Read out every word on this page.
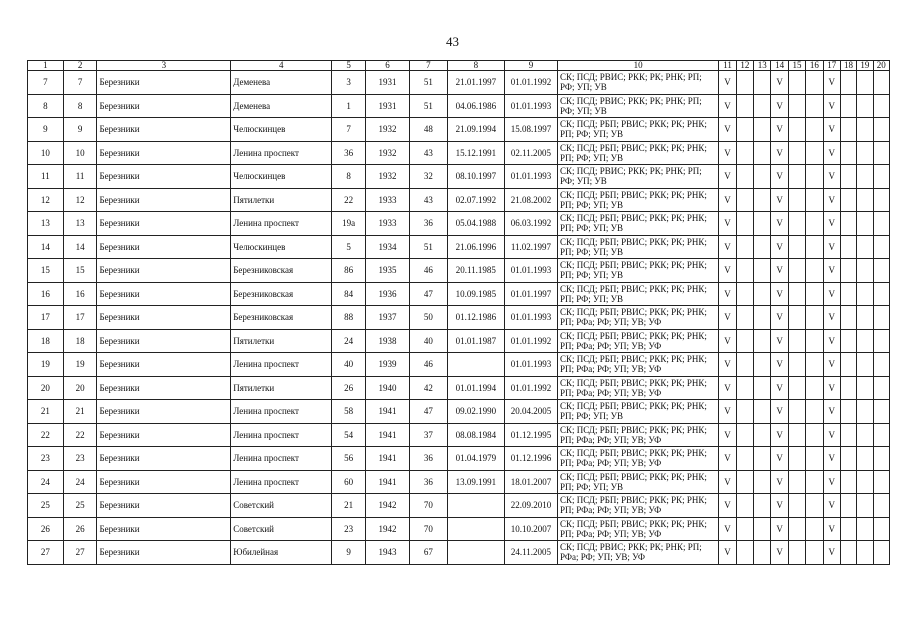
43
1	2	3	4	5	6	7	8	9	10	11	12	13	14	15	16	17	18	19	20
7	7	Березники	Деменева	3	1931	51	21.01.1997	01.01.1992	СК; ПСД; РВИС; РКК; РК; РНК; РП; РФ; УП; УВ	V			V			V			
8	8	Березники	Деменева	1	1931	51	04.06.1986	01.01.1993	СК; ПСД; РВИС; РКК; РК; РНК; РП; РФ; УП; УВ	V			V			V			
9	9	Березники	Челюскинцев	7	1932	48	21.09.1994	15.08.1997	СК; ПСД; РБП; РВИС; РКК; РК; РНК; РП; РФ; УП; УВ	V			V			V			
10	10	Березники	Ленина проспект	36	1932	43	15.12.1991	02.11.2005	СК; ПСД; РБП; РВИС; РКК; РК; РНК; РП; РФ; УП; УВ	V			V			V			
11	11	Березники	Челюскинцев	8	1932	32	08.10.1997	01.01.1993	СК; ПСД; РВИС; РКК; РК; РНК; РП; РФ; УП; УВ	V			V			V			
12	12	Березники	Пятилетки	22	1933	43	02.07.1992	21.08.2002	СК; ПСД; РБП; РВИС; РКК; РК; РНК; РП; РФ; УП; УВ	V			V			V			
13	13	Березники	Ленина проспект	19а	1933	36	05.04.1988	06.03.1992	СК; ПСД; РБП; РВИС; РКК; РК; РНК; РП; РФ; УП; УВ	V			V			V			
14	14	Березники	Челюскинцев	5	1934	51	21.06.1996	11.02.1997	СК; ПСД; РБП; РВИС; РКК; РК; РНК; РП; РФ; УП; УВ	V			V			V			
15	15	Березники	Березниковская	86	1935	46	20.11.1985	01.01.1993	СК; ПСД; РБП; РВИС; РКК; РК; РНК; РП; РФ; УП; УВ	V			V			V			
16	16	Березники	Березниковская	84	1936	47	10.09.1985	01.01.1997	СК; ПСД; РБП; РВИС; РКК; РК; РНК; РП; РФ; УП; УВ	V			V			V			
17	17	Березники	Березниковская	88	1937	50	01.12.1986	01.01.1993	СК; ПСД; РБП; РВИС; РКК; РК; РНК; РП; РФа; РФ; УП; УВ; УФ	V			V			V			
18	18	Березники	Пятилетки	24	1938	40	01.01.1987	01.01.1992	СК; ПСД; РБП; РВИС; РКК; РК; РНК; РП; РФа; РФ; УП; УВ; УФ	V			V			V			
19	19	Березники	Ленина проспект	40	1939	46		01.01.1993	СК; ПСД; РБП; РВИС; РКК; РК; РНК; РП; РФа; РФ; УП; УВ; УФ	V			V			V			
20	20	Березники	Пятилетки	26	1940	42	01.01.1994	01.01.1992	СК; ПСД; РБП; РВИС; РКК; РК; РНК; РП; РФа; РФ; УП; УВ; УФ	V			V			V			
21	21	Березники	Ленина проспект	58	1941	47	09.02.1990	20.04.2005	СК; ПСД; РБП; РВИС; РКК; РК; РНК; РП; РФ; УП; УВ	V			V			V			
22	22	Березники	Ленина проспект	54	1941	37	08.08.1984	01.12.1995	СК; ПСД; РБП; РВИС; РКК; РК; РНК; РП; РФа; РФ; УП; УВ; УФ	V			V			V			
23	23	Березники	Ленина проспект	56	1941	36	01.04.1979	01.12.1996	СК; ПСД; РБП; РВИС; РКК; РК; РНК; РП; РФа; РФ; УП; УВ; УФ	V			V			V			
24	24	Березники	Ленина проспект	60	1941	36	13.09.1991	18.01.2007	СК; ПСД; РБП; РВИС; РКК; РК; РНК; РП; РФ; УП; УВ	V			V			V			
25	25	Березники	Советский	21	1942	70		22.09.2010	СК; ПСД; РБП; РВИС; РКК; РК; РНК; РП; РФа; РФ; УП; УВ; УФ	V			V			V			
26	26	Березники	Советский	23	1942	70		10.10.2007	СК; ПСД; РБП; РВИС; РКК; РК; РНК; РП; РФа; РФ; УП; УВ; УФ	V			V			V			
27	27	Березники	Юбилейная	9	1943	67		24.11.2005	СК; ПСД; РВИС; РКК; РК; РНК; РП; РФа; РФ; УП; УВ; УФ	V			V			V			
